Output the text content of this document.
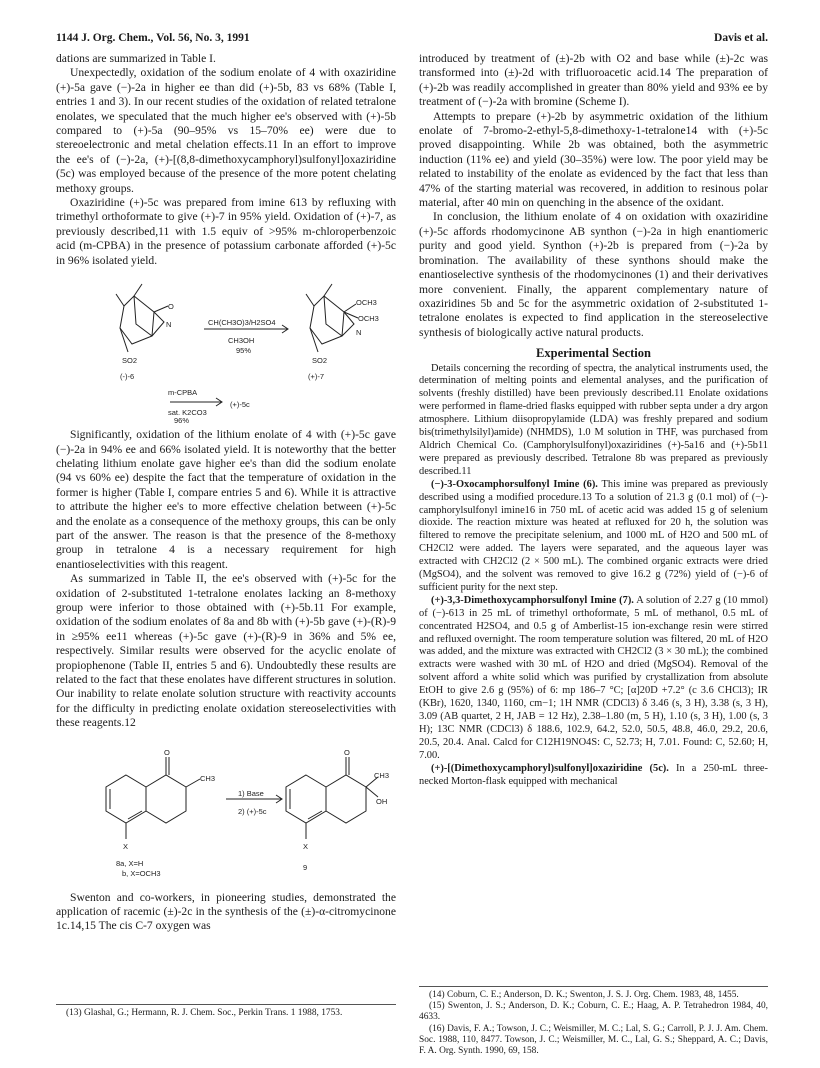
1144 J. Org. Chem., Vol. 56, No. 3, 1991	Davis et al.

dations are summarized in Table I.

Unexpectedly, oxidation of the sodium enolate of 4 with oxaziridine (+)-5a gave (−)-2a in higher ee than did (+)-5b, 83 vs 68% (Table I, entries 1 and 3). In our recent studies of the oxidation of related tetralone enolates, we speculated that the much higher ee's observed with (+)-5b compared to (+)-5a (90–95% vs 15–70% ee) were due to stereoelectronic and metal chelation effects.11 In an effort to improve the ee's of (−)-2a, (+)-[(8,8-dimethoxycamphoryl)sulfonyl]oxaziridine (5c) was employed because of the presence of the more potent chelating methoxy groups.

Oxaziridine (+)-5c was prepared from imine 613 by refluxing with trimethyl orthoformate to give (+)-7 in 95% yield. Oxidation of (+)-7, as previously described,11 with 1.5 equiv of >95% m-chloroperbenzoic acid (m-CPBA) in the presence of potassium carbonate afforded (+)-5c in 96% isolated yield.

O
N
SO2
OCH3
OCH3
N
SO2
CH(CH3O)3/H2SO4
CH3OH
95%
(-)-6	(+)-7
m-CPBA
(+)-5c
sat. K2CO3
96%

Significantly, oxidation of the lithium enolate of 4 with (+)-5c gave (−)-2a in 94% ee and 66% isolated yield. It is noteworthy that the better chelating lithium enolate gave higher ee's than did the sodium enolate (94 vs 60% ee) despite the fact that the temperature of oxidation in the former is higher (Table I, compare entries 5 and 6). While it is attractive to attribute the higher ee's to more effective chelation between (+)-5c and the enolate as a consequence of the methoxy groups, this can be only part of the answer. The reason is that the presence of the 8-methoxy group in tetralone 4 is a necessary requirement for high enantioselectivities with this reagent.

As summarized in Table II, the ee's observed with (+)-5c for the oxidation of 2-substituted 1-tetralone enolates lacking an 8-methoxy group were inferior to those obtained with (+)-5b.11 For example, oxidation of the sodium enolates of 8a and 8b with (+)-5b gave (+)-(R)-9 in ≥95% ee11 whereas (+)-5c gave (+)-(R)-9 in 36% and 5% ee, respectively. Similar results were observed for the acyclic enolate of propiophenone (Table II, entries 5 and 6). Undoubtedly these results are related to the fact that these enolates have different structures in solution. Our inability to relate enolate solution structure with reactivity accounts for the difficulty in predicting enolate oxidation stereoselectivities with these reagents.12

O
CH3
X
O
CH3
OH
X
1) Base
2) (+)-5c
8a, X=H
b, X=OCH3
9

Swenton and co-workers, in pioneering studies, demonstrated the application of racemic (±)-2c in the synthesis of the (±)-α-citromycinone 1c.14,15 The cis C-7 oxygen was

introduced by treatment of (±)-2b with O2 and base while (±)-2c was transformed into (±)-2d with trifluoroacetic acid.14 The preparation of (+)-2b was readily accomplished in greater than 80% yield and 93% ee by treatment of (−)-2a with bromine (Scheme I).

Attempts to prepare (+)-2b by asymmetric oxidation of the lithium enolate of 7-bromo-2-ethyl-5,8-dimethoxy-1-tetralone14 with (+)-5c proved disappointing. While 2b was obtained, both the asymmetric induction (11% ee) and yield (30–35%) were low. The poor yield may be related to instability of the enolate as evidenced by the fact that less than 47% of the starting material was recovered, in addition to resinous polar material, after 40 min on quenching in the absence of the oxidant.

In conclusion, the lithium enolate of 4 on oxidation with oxaziridine (+)-5c affords rhodomycinone AB synthon (−)-2a in high enantiomeric purity and good yield. Synthon (+)-2b is prepared from (−)-2a by bromination. The availability of these synthons should make the enantioselective synthesis of the rhodomycinones (1) and their derivatives more convenient. Finally, the apparent complementary nature of oxaziridines 5b and 5c for the asymmetric oxidation of 2-substituted 1-tetralone enolates is expected to find application in the stereoselective synthesis of biologically active natural products.

Experimental Section

Details concerning the recording of spectra, the analytical instruments used, the determination of melting points and elemental analyses, and the purification of solvents (freshly distilled) have been previously described.11 Enolate oxidations were performed in flame-dried flasks equipped with rubber septa under a dry argon atmosphere. Lithium diisopropylamide (LDA) was freshly prepared and sodium bis(trimethylsilyl)amide) (NHMDS), 1.0 M solution in THF, was purchased from Aldrich Chemical Co. (Camphorylsulfonyl)oxaziridines (+)-5a16 and (+)-5b11 were prepared as previously described. Tetralone 8b was prepared as previously described.11

(−)-3-Oxocamphorsulfonyl Imine (6). This imine was prepared as previously described using a modified procedure.13 To a solution of 21.3 g (0.1 mol) of (−)-camphorylsulfonyl imine16 in 750 mL of acetic acid was added 15 g of selenium dioxide. The reaction mixture was heated at refluxed for 20 h, the solution was filtered to remove the precipitate selenium, and 1000 mL of H2O and 500 mL of CH2Cl2 were added. The layers were separated, and the aqueous layer was extracted with CH2Cl2 (2 × 500 mL). The combined organic extracts were dried (MgSO4), and the solvent was removed to give 16.2 g (72%) yield of (−)-6 of sufficient purity for the next step.

(+)-3,3-Dimethoxycamphorsulfonyl Imine (7). A solution of 2.27 g (10 mmol) of (−)-613 in 25 mL of trimethyl orthoformate, 5 mL of methanol, 0.5 mL of concentrated H2SO4, and 0.5 g of Amberlist-15 ion-exchange resin were stirred and refluxed overnight. The room temperature solution was filtered, 20 mL of H2O was added, and the mixture was extracted with CH2Cl2 (3 × 30 mL); the combined extracts were washed with 30 mL of H2O and dried (MgSO4). Removal of the solvent afford a white solid which was purified by crystallization from absolute EtOH to give 2.6 g (95%) of 6: mp 186–7 °C; [α]20D +7.2° (c 3.6 CHCl3); IR (KBr), 1620, 1340, 1160, cm−1; 1H NMR (CDCl3) δ 3.46 (s, 3 H), 3.38 (s, 3 H), 3.09 (AB quartet, 2 H, JAB = 12 Hz), 2.38–1.80 (m, 5 H), 1.10 (s, 3 H), 1.00 (s, 3 H); 13C NMR (CDCl3) δ 188.6, 102.9, 64.2, 52.0, 50.5, 48.8, 46.0, 29.2, 20.6, 20.5, 20.4. Anal. Calcd for C12H19NO4S: C, 52.73; H, 7.01. Found: C, 52.60; H, 7.00.

(+)-[(Dimethoxycamphoryl)sulfonyl]oxaziridine (5c). In a 250-mL three-necked Morton-flask equipped with mechanical

(13) Glashal, G.; Hermann, R. J. Chem. Soc., Perkin Trans. 1 1988, 1753.

(14) Coburn, C. E.; Anderson, D. K.; Swenton, J. S. J. Org. Chem. 1983, 48, 1455.

(15) Swenton, J. S.; Anderson, D. K.; Coburn, C. E.; Haag, A. P. Tetrahedron 1984, 40, 4633.

(16) Davis, F. A.; Towson, J. C.; Weismiller, M. C.; Lal, S. G.; Carroll, P. J. J. Am. Chem. Soc. 1988, 110, 8477. Towson, J. C.; Weismiller, M. C., Lal, G. S.; Sheppard, A. C.; Davis, F. A. Org. Synth. 1990, 69, 158.
